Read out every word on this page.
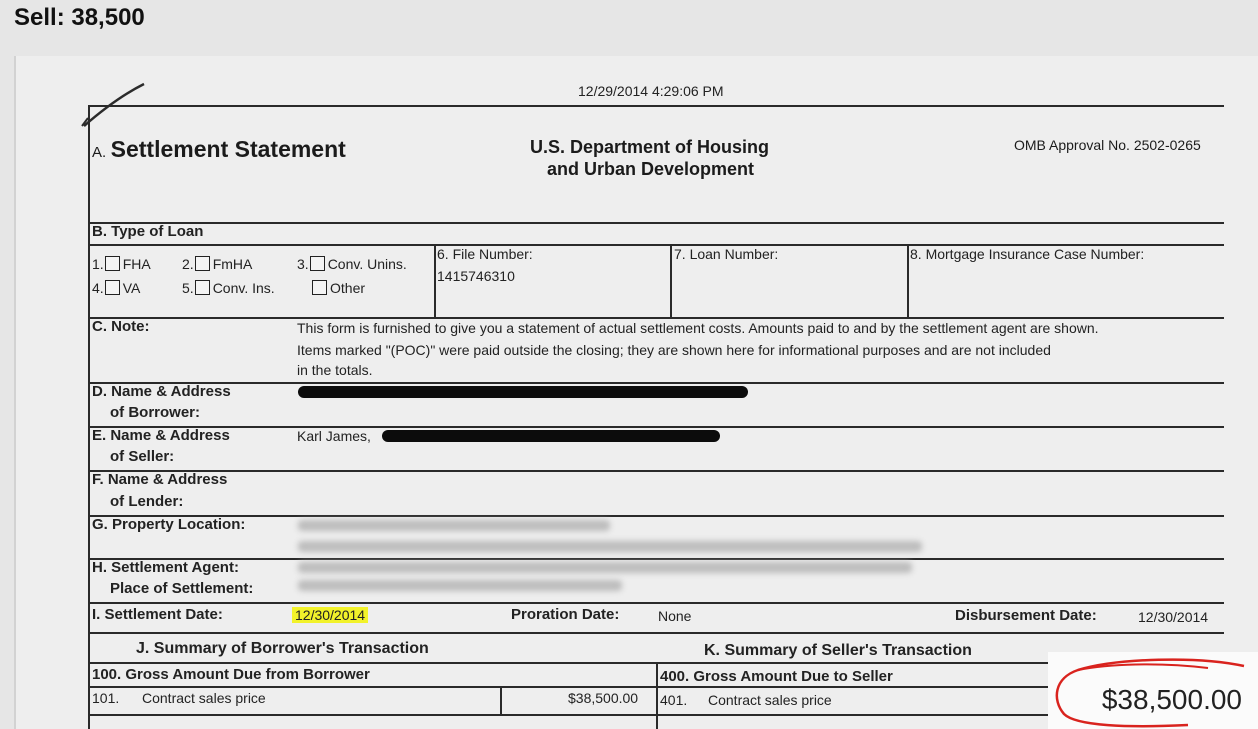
Sell: 38,500
12/29/2014 4:29:06 PM
A. Settlement Statement	U.S. Department of Housing
and Urban Development
OMB Approval No. 2502-0265
B. Type of Loan
1. FHA 2. FmHA	3. Conv. Unins.
4. VA	5. Conv. Ins.	Other
6. File Number:
1415746310
7. Loan Number:	8. Mortgage Insurance Case Number:
C. Note:	This form is furnished to give you a statement of actual settlement costs. Amounts paid to and by the settlement agent are shown.
Items marked "(POC)" were paid outside the closing; they are shown here for informational purposes and are not included
in the totals.
D. Name & Address
of Borrower:
E. Name & Address
of Seller:
Karl James,
F. Name & Address
of Lender:
G. Property Location:
H. Settlement Agent:
Place of Settlement:
I. Settlement Date:	12/30/2014	Proration Date:	None	Disbursement Date:	12/30/2014
J. Summary of Borrower's Transaction	K. Summary of Seller's Transaction
100. Gross Amount Due from Borrower	400. Gross Amount Due to Seller
101. Contract sales price	$38,500.00 401. Contract sales price	$38,500.00
